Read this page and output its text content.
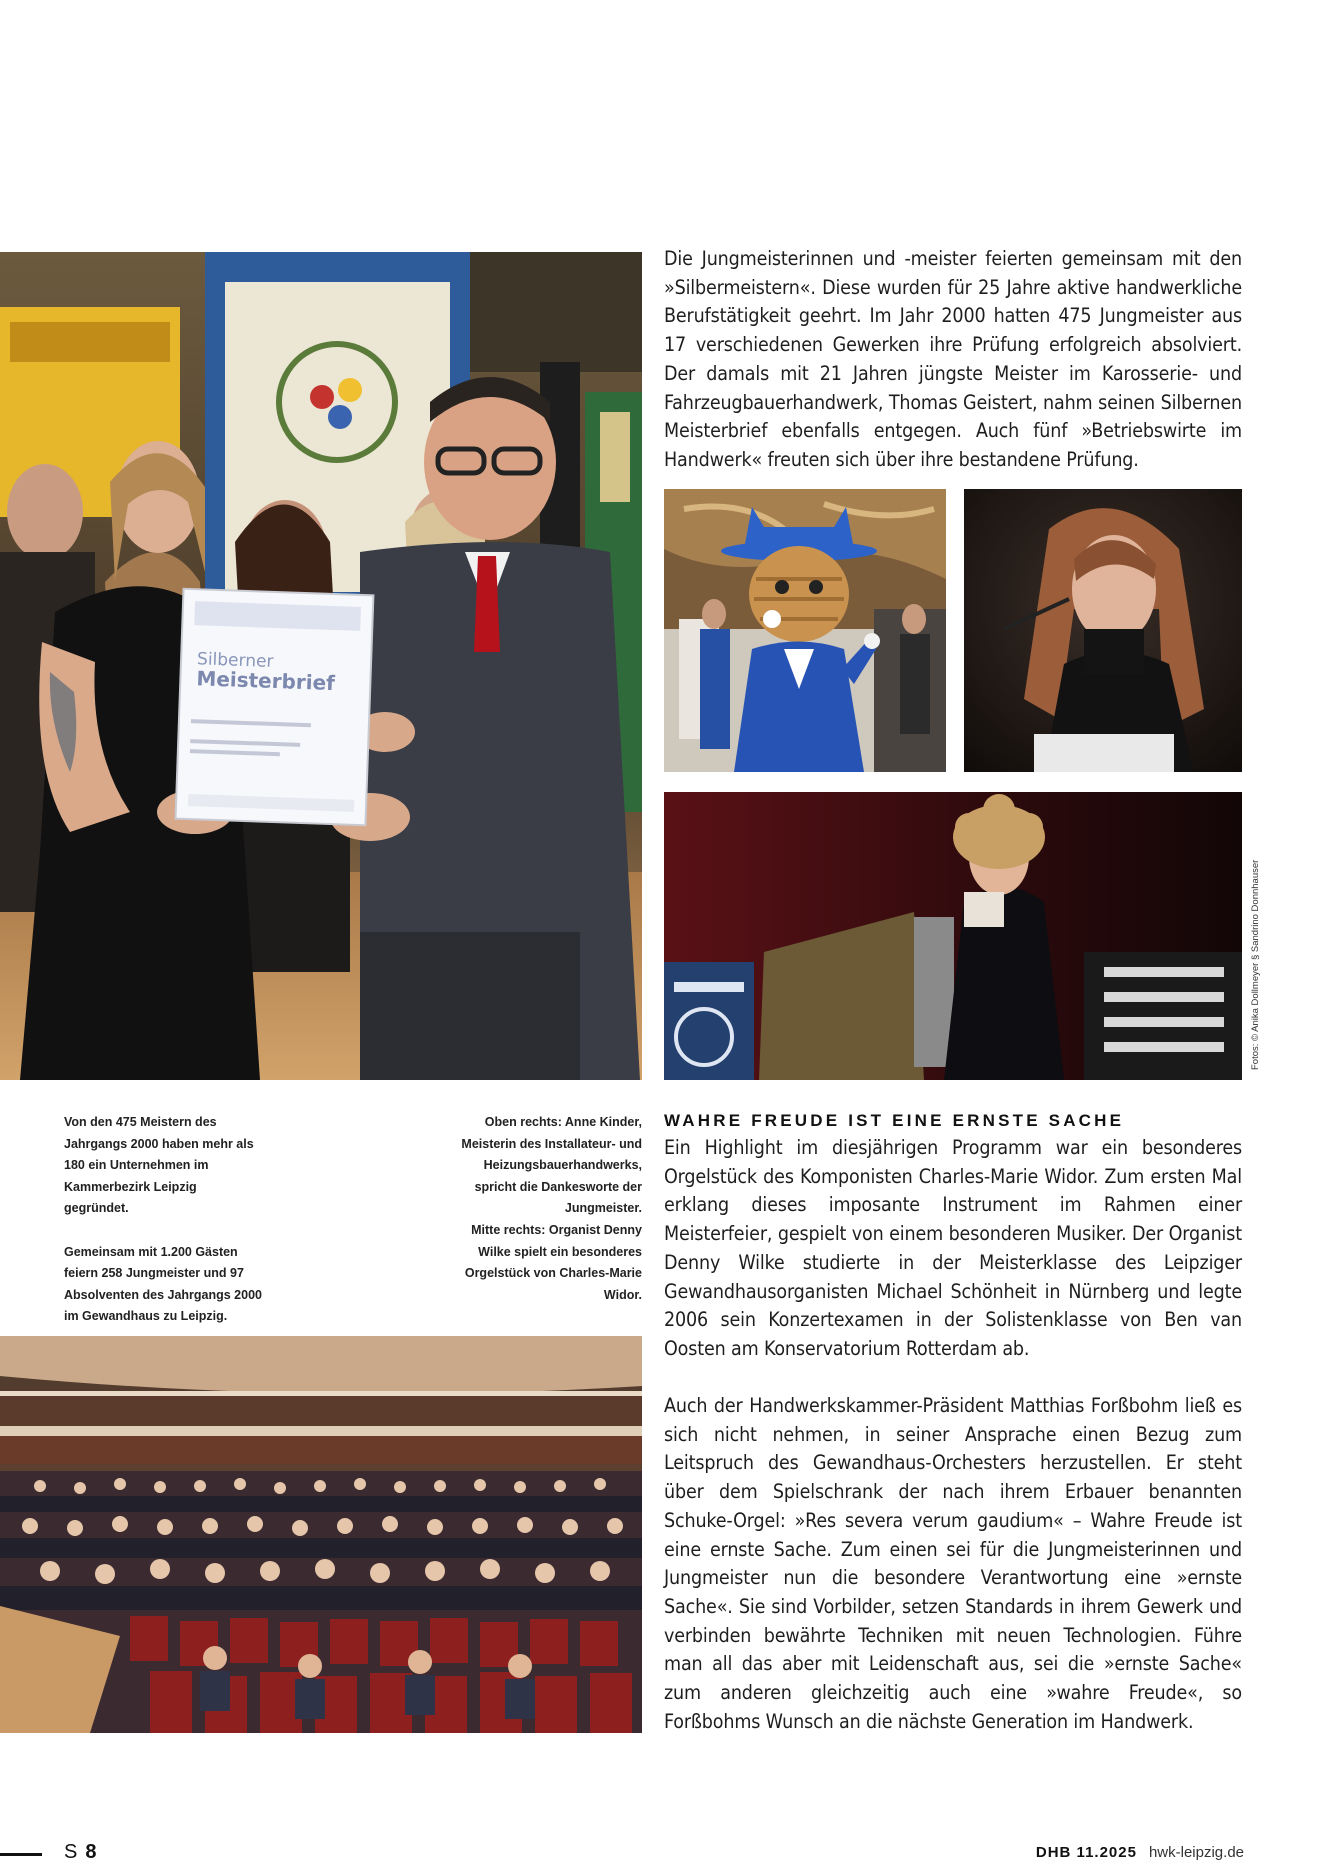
Silberner
Meisterbrief

Die Jungmeisterinnen und -meister feierten gemeinsam mit den »Silbermeistern«. Diese wurden für 25 Jahre aktive handwerkliche Berufstätigkeit geehrt. Im Jahr 2000 hatten 475 Jungmeister aus 17 verschiedenen Gewerken ihre Prüfung erfolgreich absolviert. Der damals mit 21 Jahren jüngste Meister im Karosserie- und Fahrzeugbauerhandwerk, Thomas Geistert, nahm seinen Silbernen Meisterbrief ebenfalls entgegen. Auch fünf »Betriebswirte im Handwerk« freuten sich über ihre bestandene Prüfung.

Fotos: © Anika Dollmeyer § Sandrino Donnhauser

Von den 475 Meistern des Jahrgangs 2000 haben mehr als 180 ein Unternehmen im Kammerbezirk Leipzig gegründet.

Gemeinsam mit 1.200 Gästen feiern 258 Jungmeister und 97 Absolventen des Jahrgangs 2000 im Gewandhaus zu Leipzig.

Oben rechts: Anne Kinder, Meisterin des Installateur- und Heizungsbauerhandwerks, spricht die Dankesworte der Jungmeister.
Mitte rechts: Organist Denny Wilke spielt ein besonderes Orgelstück von Charles-Marie Widor.
WAHRE FREUDE IST EINE ERNSTE SACHE

Ein Highlight im diesjährigen Programm war ein besonderes Orgelstück des Komponisten Charles-Marie Widor. Zum ersten Mal erklang dieses imposante Instrument im Rahmen einer Meisterfeier, gespielt von einem besonderen Musiker. Der Organist Denny Wilke studierte in der Meisterklasse des Leipziger Gewandhausorganisten Michael Schönheit in Nürnberg und legte 2006 sein Konzertexamen in der Solistenklasse von Ben van Oosten am Konservatorium Rotterdam ab.

Auch der Handwerkskammer-Präsident Matthias Forßbohm ließ es sich nicht nehmen, in seiner Ansprache einen Bezug zum Leitspruch des Gewandhaus-Orchesters herzustellen. Er steht über dem Spielschrank der nach ihrem Erbauer benannten Schuke-Orgel: »Res severa verum gaudium« – Wahre Freude ist eine ernste Sache. Zum einen sei für die Jungmeisterinnen und Jungmeister nun die besondere Verantwortung eine »ernste Sache«. Sie sind Vorbilder, setzen Standards in ihrem Gewerk und verbinden bewährte Techniken mit neuen Technologien. Führe man all das aber mit Leidenschaft aus, sei die »ernste Sache« zum anderen gleichzeitig auch eine »wahre Freude«, so Forßbohms Wunsch an die nächste Generation im Handwerk.

S 8	DHB 11.2025 hwk-leipzig.de
